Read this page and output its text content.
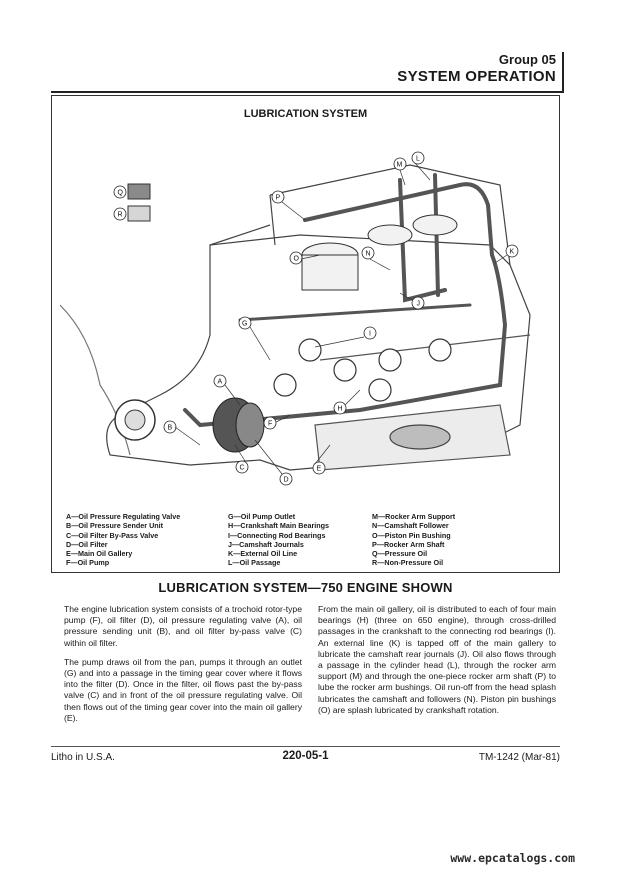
Group 05
SYSTEM OPERATION
LUBRICATION SYSTEM
Q
R
A
B
C
D
E
F
G
H
I
J
K
L
M
N
O
P
A—Oil Pressure Regulating Valve
B—Oil Pressure Sender Unit
C—Oil Filter By-Pass Valve
D—Oil Filter
E—Main Oil Gallery
F—Oil Pump
G—Oil Pump Outlet
H—Crankshaft Main Bearings
I—Connecting Rod Bearings
J—Camshaft Journals
K—External Oil Line
L—Oil Passage
M—Rocker Arm Support
N—Camshaft Follower
O—Piston Pin Bushing
P—Rocker Arm Shaft
Q—Pressure Oil
R—Non-Pressure Oil
LUBRICATION SYSTEM—750 ENGINE SHOWN

The engine lubrication system consists of a trochoid rotor-type pump (F), oil filter (D), oil pressure regulating valve (A), oil pressure sending unit (B), and oil filter by-pass valve (C) within oil filter.

The pump draws oil from the pan, pumps it through an outlet (G) and into a passage in the timing gear cover where it flows into the filter (D). Once in the filter, oil flows past the by-pass valve (C) and in front of the oil pressure regulating valve. Oil then flows out of the timing gear cover into the main oil gallery (E).

From the main oil gallery, oil is distributed to each of four main bearings (H) (three on 650 engine), through cross-drilled passages in the crankshaft to the connecting rod bearings (I). An external line (K) is tapped off of the main gallery to lubricate the camshaft rear journals (J). Oil also flows through a passage in the cylinder head (L), through the rocker arm support (M) and through the one-piece rocker arm shaft (P) to lube the rocker arm bushings. Oil run-off from the head splash lubricates the camshaft and followers (N). Piston pin bushings (O) are splash lubricated by crankshaft rotation.

Litho in U.S.A.	220-05-1	TM-1242 (Mar-81)
www.epcatalogs.com
